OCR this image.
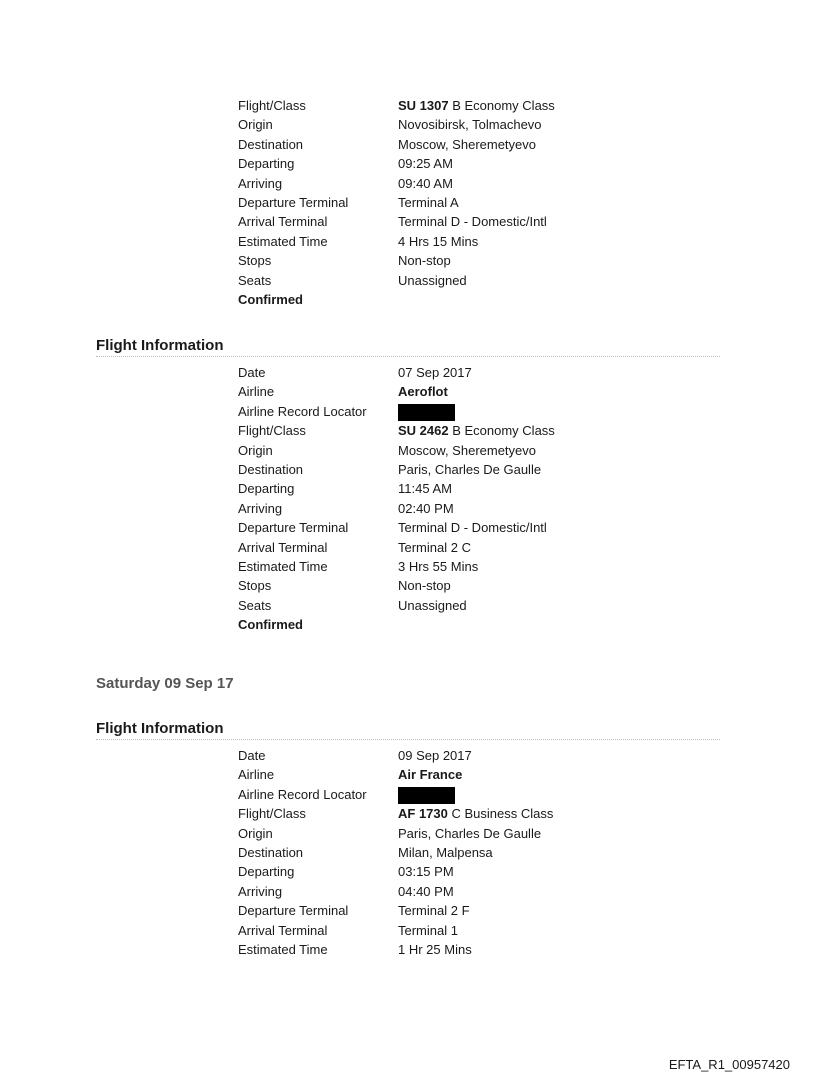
Flight/Class	SU 1307 B Economy Class
Origin	Novosibirsk, Tolmachevo
Destination	Moscow, Sheremetyevo
Departing	09:25 AM
Arriving	09:40 AM
Departure Terminal	Terminal A
Arrival Terminal	Terminal D - Domestic/Intl
Estimated Time	4 Hrs 15 Mins
Stops	Non-stop
Seats	Unassigned
Confirmed
Flight Information
Date	07 Sep 2017
Airline	Aeroflot
Airline Record Locator
Flight/Class	SU 2462 B Economy Class
Origin	Moscow, Sheremetyevo
Destination	Paris, Charles De Gaulle
Departing	11:45 AM
Arriving	02:40 PM
Departure Terminal	Terminal D - Domestic/Intl
Arrival Terminal	Terminal 2 C
Estimated Time	3 Hrs 55 Mins
Stops	Non-stop
Seats	Unassigned
Confirmed
Saturday 09 Sep 17
Flight Information
Date	09 Sep 2017
Airline	Air France
Airline Record Locator
Flight/Class	AF 1730 C Business Class
Origin	Paris, Charles De Gaulle
Destination	Milan, Malpensa
Departing	03:15 PM
Arriving	04:40 PM
Departure Terminal	Terminal 2 F
Arrival Terminal	Terminal 1
Estimated Time	1 Hr 25 Mins
EFTA_R1_00957420
